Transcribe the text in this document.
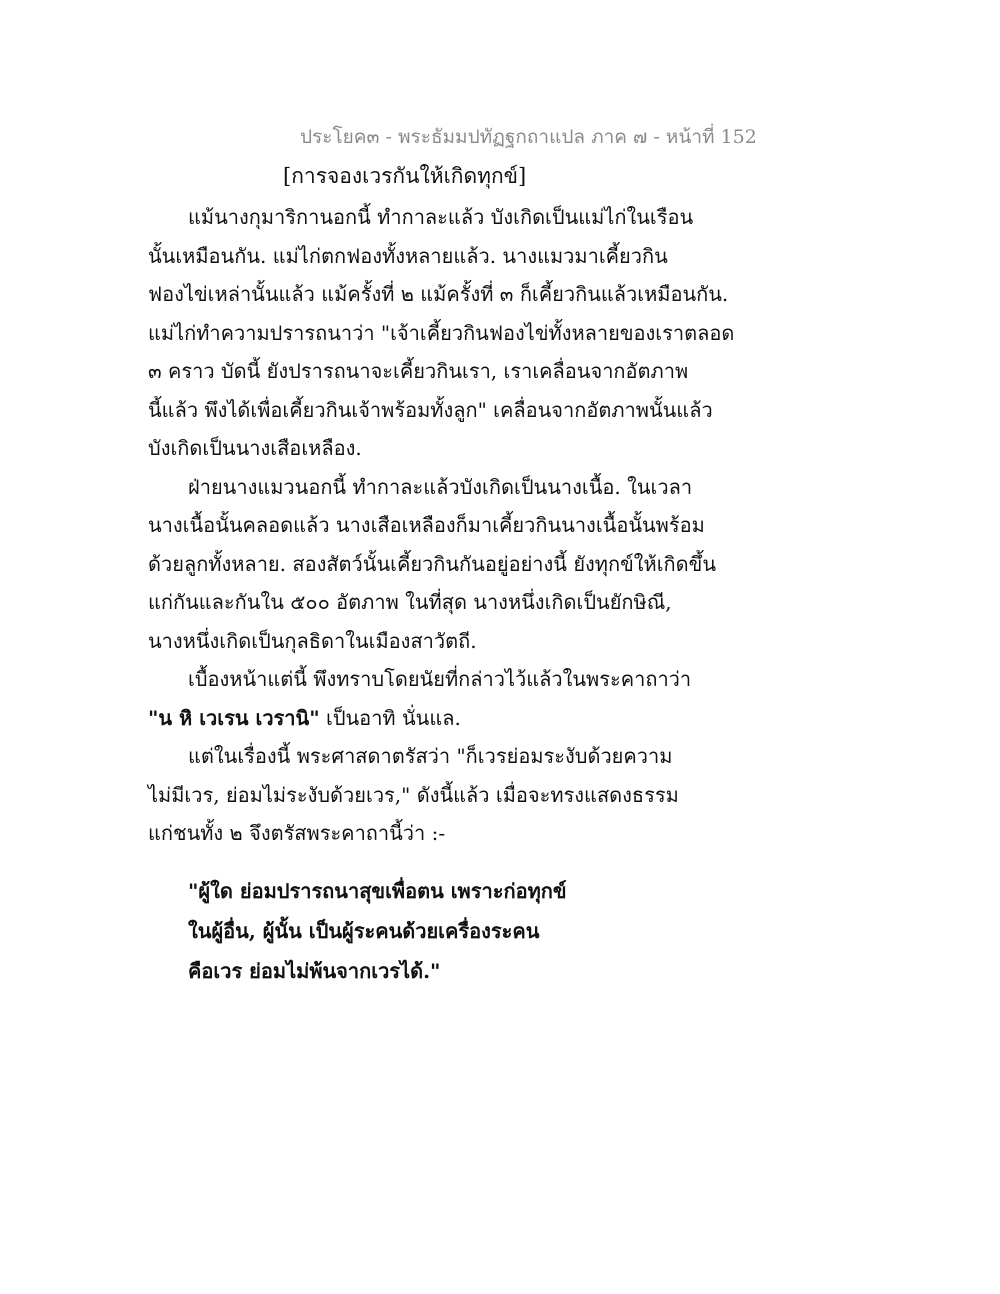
ประโยค๓ - พระธัมมปทัฏฐกถาแปล ภาค ๗ - หน้าที่ 152
[การจองเวรกันให้เกิดทุกข์]
แม้นางกุมาริกานอกนี้ ทำกาละแล้ว บังเกิดเป็นแม่ไก่ในเรือน
นั้นเหมือนกัน. แม่ไก่ตกฟองทั้งหลายแล้ว. นางแมวมาเคี้ยวกิน
ฟองไข่เหล่านั้นแล้ว แม้ครั้งที่ ๒ แม้ครั้งที่ ๓ ก็เคี้ยวกินแล้วเหมือนกัน.
แม่ไก่ทำความปรารถนาว่า "เจ้าเคี้ยวกินฟองไข่ทั้งหลายของเราตลอด
๓ คราว บัดนี้ ยังปรารถนาจะเคี้ยวกินเรา, เราเคลื่อนจากอัตภาพ
นี้แล้ว พึงได้เพื่อเคี้ยวกินเจ้าพร้อมทั้งลูก" เคลื่อนจากอัตภาพนั้นแล้ว
บังเกิดเป็นนางเสือเหลือง.
ฝ่ายนางแมวนอกนี้ ทำกาละแล้วบังเกิดเป็นนางเนื้อ. ในเวลา
นางเนื้อนั้นคลอดแล้ว นางเสือเหลืองก็มาเคี้ยวกินนางเนื้อนั้นพร้อม
ด้วยลูกทั้งหลาย. สองสัตว์นั้นเคี้ยวกินกันอยู่อย่างนี้ ยังทุกข์ให้เกิดขึ้น
แก่กันและกันใน ๕๐๐ อัตภาพ ในที่สุด นางหนึ่งเกิดเป็นยักษิณี,
นางหนึ่งเกิดเป็นกุลธิดาในเมืองสาวัตถี.
เบื้องหน้าแต่นี้ พึงทราบโดยนัยที่กล่าวไว้แล้วในพระคาถาว่า
"น หิ เวเรน เวรานิ" เป็นอาทิ นั่นแล.
แต่ในเรื่องนี้ พระศาสดาตรัสว่า "ก็เวรย่อมระงับด้วยความ
ไม่มีเวร, ย่อมไม่ระงับด้วยเวร," ดังนี้แล้ว เมื่อจะทรงแสดงธรรม
แก่ชนทั้ง ๒ จึงตรัสพระคาถานี้ว่า :-
"ผู้ใด ย่อมปรารถนาสุขเพื่อตน เพราะก่อทุกข์
ในผู้อื่น, ผู้นั้น เป็นผู้ระคนด้วยเครื่องระคน
คือเวร ย่อมไม่พ้นจากเวรได้."
